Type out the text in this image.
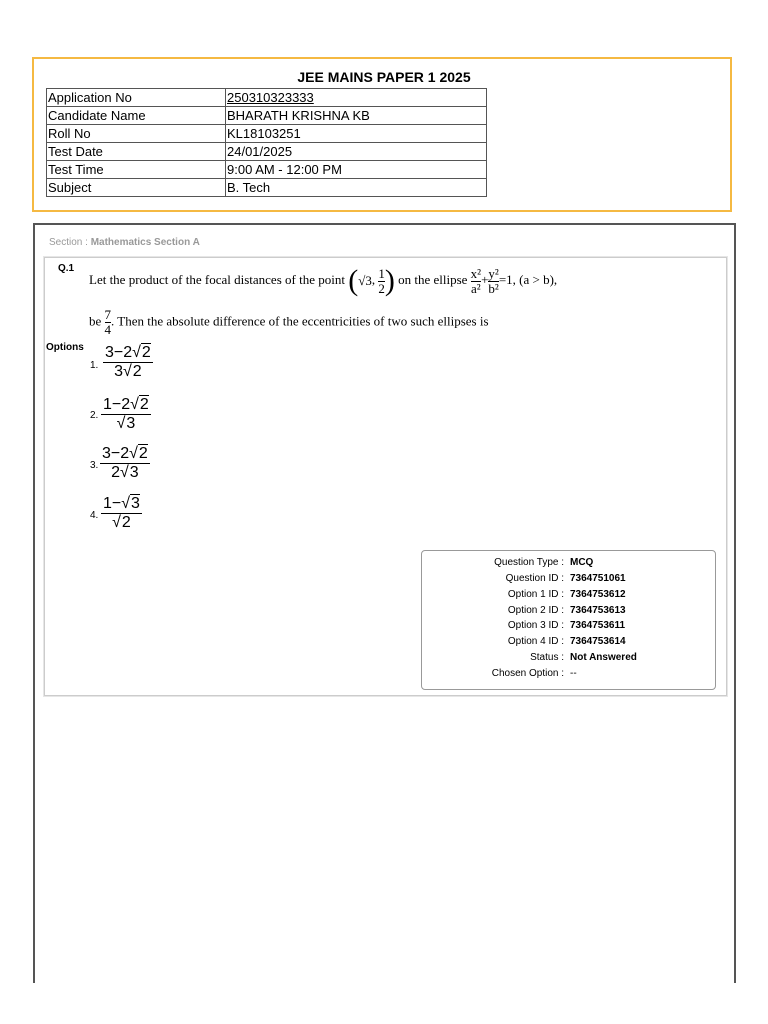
JEE MAINS PAPER 1 2025
Application No	250310323333
Candidate Name	BHARATH KRISHNA KB
Roll No	KL18103251
Test Date	24/01/2025
Test Time	9:00 AM - 12:00 PM
Subject	B. Tech
Section : Mathematics Section A
Q.1
Let the product of the focal distances of the point (√3, $\frac{1}{2}$ ) on the ellipse $\frac{\text{x²}}{\text{a²}} + \frac{\text{y²}}{\text{b²}} =1$, (a > b),
be $\frac{7}{4}$ . Then the absolute difference of the eccentricities of two such ellipses is
Options
1. $\frac{3-2√2}{3√2}$
2. $\frac{1-2√2}{√3}$
3. $\frac{3-2√2}{2√3}$
4. $\frac{1-√3}{√2}$
Question Type : MCQ
Question ID : 7364751061
Option 1 ID : 7364753612
Option 2 ID : 7364753613
Option 3 ID : 7364753611
Option 4 ID : 7364753614
Status : Not Answered
Chosen Option : --
